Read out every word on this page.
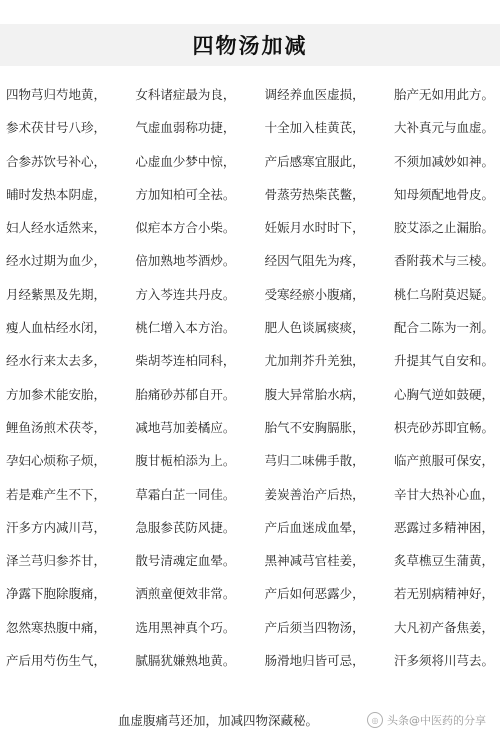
四物汤加减
四物芎归芍地黄， 女科诸症最为良， 调经养血医虚损， 胎产无如用此方。
参术茯甘号八珍， 气虚血弱称功捷， 十全加入桂黄芪， 大补真元与血虚。
合参苏饮号补心， 心虚血少梦中惊， 产后感寒宜服此， 不须加减妙如神。
晡时发热本阴虚， 方加知柏可全祛。 骨蒸劳热柴芪鳖， 知母须配地骨皮。
妇人经水适然来， 似疟本方合小柴。 妊娠月水时时下， 胶艾添之止漏胎。
经水过期为血少， 倍加熟地芩酒炒。 经因气阻先为疼， 香附莪术与三棱。
月经紫黑及先期， 方入芩连共丹皮。 受寒经瘀小腹痛， 桃仁乌附莫迟疑。
瘦人血枯经水闭， 桃仁增入本方治。 肥人色谈属痰痰， 配合二陈为一剂。
经水行来太去多， 柴胡芩连柏同科， 尤加荆芥升羌独， 升提其气自安和。
方加参术能安胎， 胎痛砂苏郁自开。 腹大异常胎水病， 心胸气逆如鼓硬，
鲤鱼汤煎术茯苓， 减地芎加姜橘应。 胎气不安胸膈胀， 枳壳砂苏即宜畅。
孕妇心烦称子烦， 腹甘栀柏添为上。 芎归二味佛手散， 临产煎服可保安，
若是难产生不下， 草霜白芷一同佳。 姜炭善治产后热， 辛甘大热补心血，
汗多方内减川芎， 急服参芪防风捷。 产后血迷成血晕， 恶露过多精神困，
泽兰芎归参芥甘， 散号清魂定血晕。 黑神减芎官桂姜， 炙草樵豆生蒲黄，
净露下胞除腹痛， 洒煎童便效非常。 产后如何恶露少， 若无别病精神好，
忽然寒热腹中痛， 选用黑神真个巧。 产后须当四物汤， 大凡初产备焦姜，
产后用芍伤生气， 腻膈犹嫌熟地黄。 肠滑地归皆可忌， 汗多须将川芎去。
血虚腹痛芎还加，加减四物深藏秘。	◎ 头条@中医药的分享
